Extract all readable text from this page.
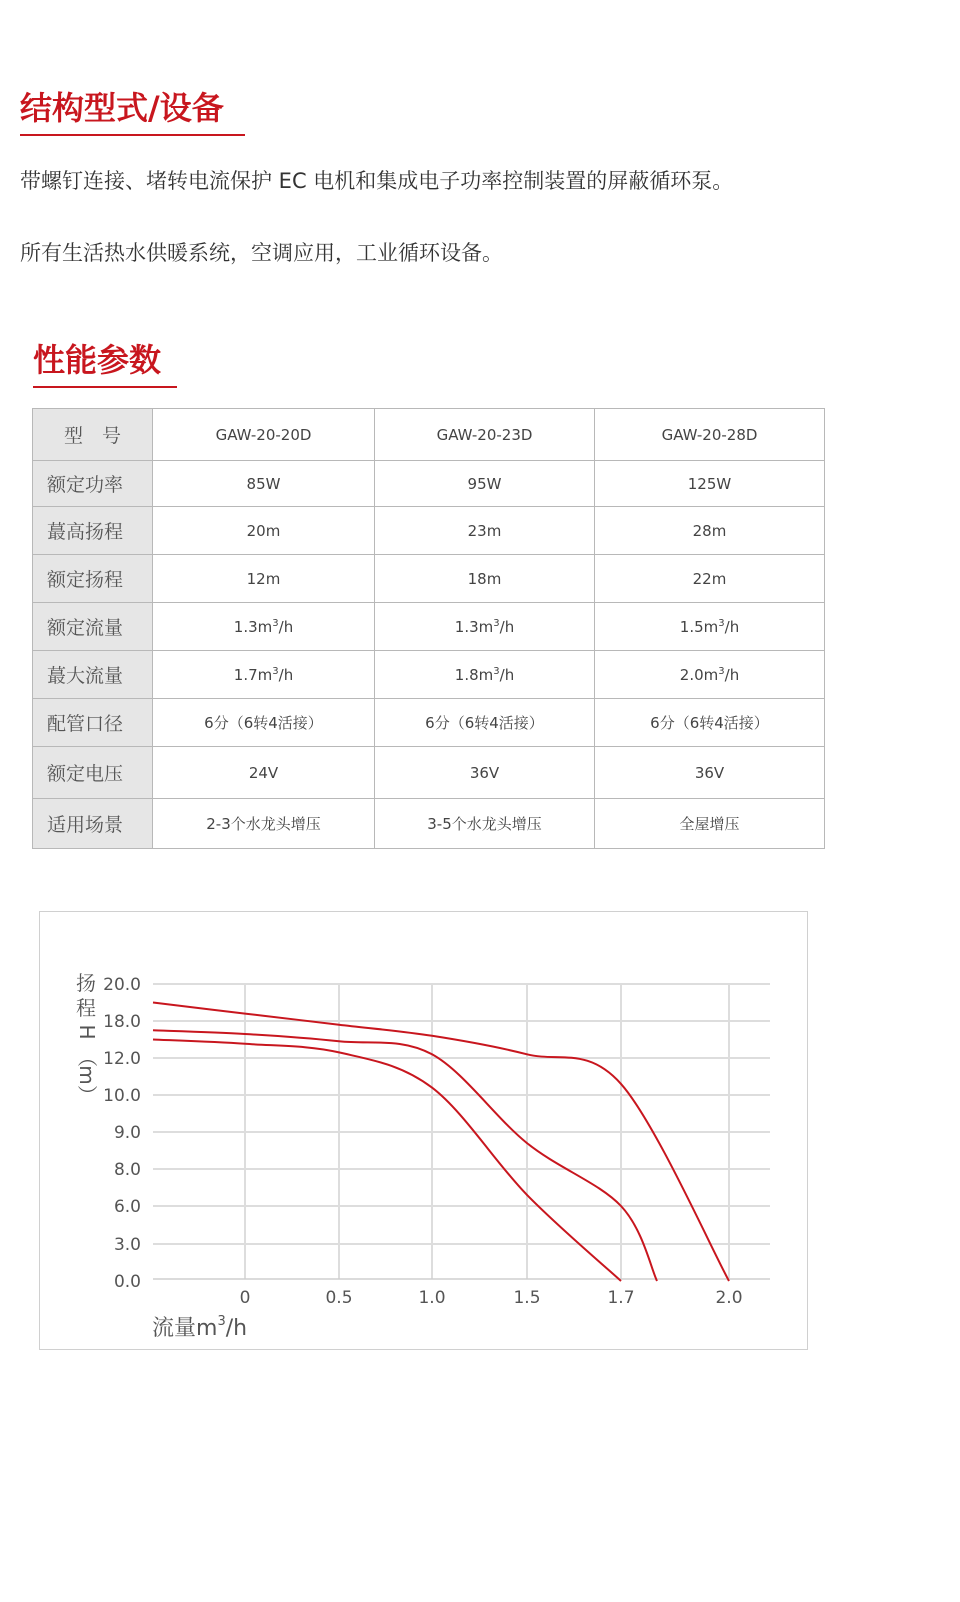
结构型式/设备

带螺钉连接、堵转电流保护 EC 电机和集成电子功率控制装置的屏蔽循环泵。

所有生活热水供暖系统，空调应用，工业循环设备。

性能参数
型　号	GAW-20-20D	GAW-20-23D	GAW-20-28D
额定功率	85W	95W	125W
蕞高扬程	20m	23m	28m
额定扬程	12m	18m	22m
额定流量	$1.3m^3/h$	$1.3m^3/h$	$1.5m^3/h$
蕞大流量	$1.7m^3/h$	$1.8m^3/h$	$2.0m^3/h$
配管口径	6分（6转4活接）	6分（6转4活接）	6分（6转4活接）
额定电压	24V	36V	36V
适用场景	2-3个水龙头增压	3-5个水龙头增压	全屋增压
20.0
18.0
12.0
10.0
9.0
8.0
6.0
3.0
0.0
0	0.5	1.0	1.5	1.7	2.0
扬
程
H
（
m
）
流量$m^3/h$
